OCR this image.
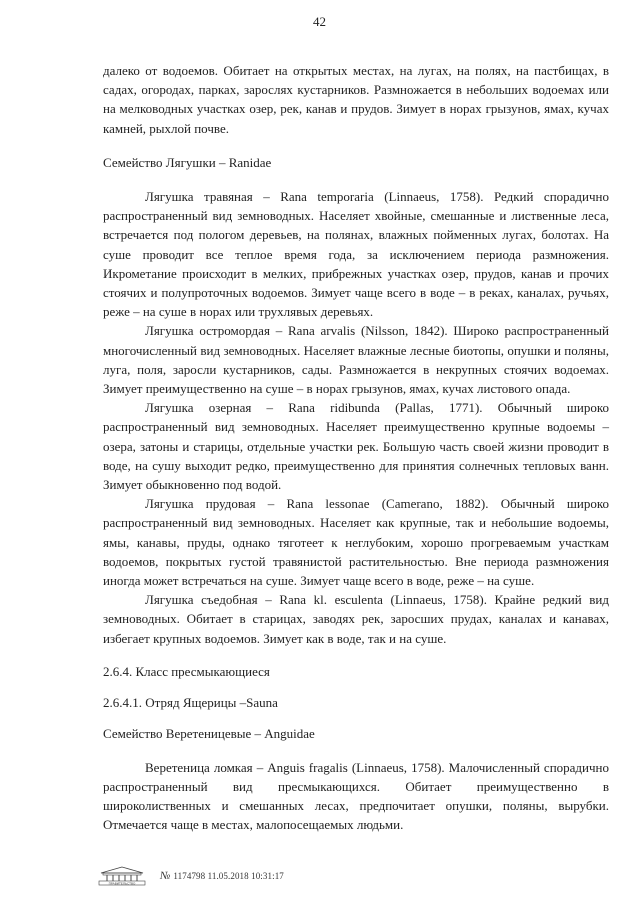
42

далеко от водоемов. Обитает на открытых местах, на лугах, на полях, на пастбищах, в садах, огородах, парках, зарослях кустарников. Размножается в небольших водоемах или на мелководных участках озер, рек, канав и прудов. Зимует в норах грызунов, ямах, кучах камней, рыхлой почве.

Семейство Лягушки – Ranidae

Лягушка травяная – Rana temporaria (Linnaeus, 1758). Редкий спорадично распространенный вид земноводных. Населяет хвойные, смешанные и лиственные леса, встречается под пологом деревьев, на полянах, влажных пойменных лугах, болотах. На суше проводит все теплое время года, за исключением периода размножения. Икрометание происходит в мелких, прибрежных участках озер, прудов, канав и прочих стоячих и полупроточных водоемов. Зимует чаще всего в воде – в реках, каналах, ручьях, реже – на суше в норах или трухлявых деревьях.

Лягушка остромордая – Rana arvalis (Nilsson, 1842). Широко распространенный многочисленный вид земноводных. Населяет влажные лесные биотопы, опушки и поляны, луга, поля, заросли кустарников, сады. Размножается в некрупных стоячих водоемах. Зимует преимущественно на суше – в норах грызунов, ямах, кучах листового опада.

Лягушка озерная – Rana ridibunda (Pallas, 1771). Обычный широко распространенный вид земноводных. Населяет преимущественно крупные водоемы – озера, затоны и старицы, отдельные участки рек. Большую часть своей жизни проводит в воде, на сушу выходит редко, преимущественно для принятия солнечных тепловых ванн. Зимует обыкновенно под водой.

Лягушка прудовая – Rana lessonae (Camerano, 1882). Обычный широко распространенный вид земноводных. Населяет как крупные, так и небольшие водоемы, ямы, канавы, пруды, однако тяготеет к неглубоким, хорошо прогреваемым участкам водоемов, покрытых густой травянистой растительностью. Вне периода размножения иногда может встречаться на суше. Зимует чаще всего в воде, реже – на суше.

Лягушка съедобная – Rana kl. esculenta (Linnaeus, 1758). Крайне редкий вид земноводных. Обитает в старицах, заводях рек, заросших прудах, каналах и канавах, избегает крупных водоемов. Зимует как в воде, так и на суше.

2.6.4. Класс пресмыкающиеся

2.6.4.1. Отряд Ящерицы –Sauna

Семейство Веретеницевые – Anguidae

Веретеница ломкая – Anguis fragalis (Linnaeus, 1758). Малочисленный спорадично распространенный вид пресмыкающихся. Обитает преимущественно в широколиственных и смешанных лесах, предпочитает опушки, поляны, вырубки. Отмечается чаще в местах, малопосещаемых людьми.

ПРАВИТЕЛЬСТВО
№ 1174798 11.05.2018 10:31:17
